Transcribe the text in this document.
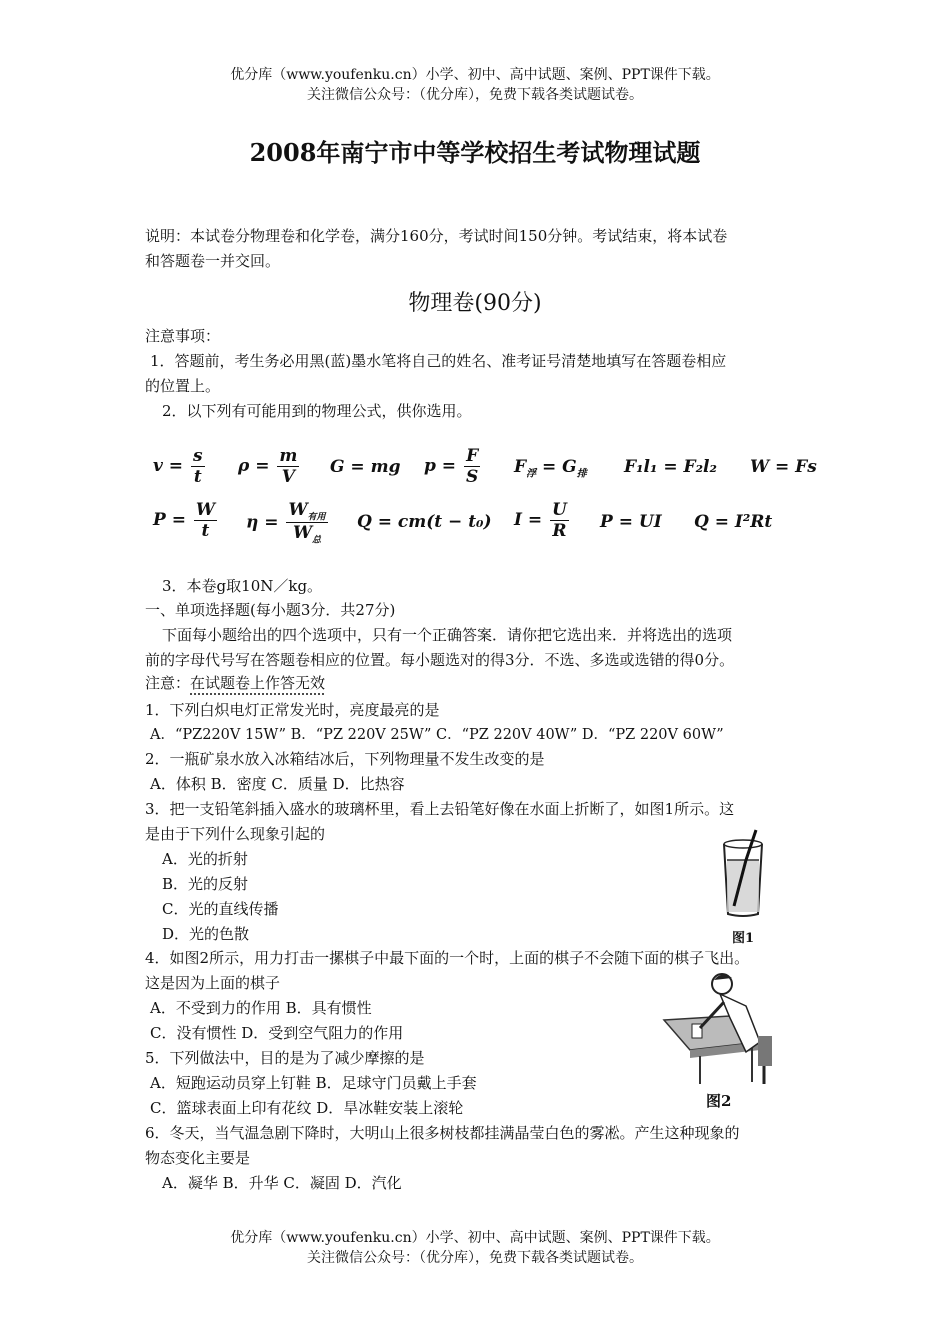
优分库（www.youfenku.cn）小学、初中、高中试题、案例、PPT课件下载。
关注微信公众号：（优分库），免费下载各类试题试卷。
2008年南宁市中等学校招生考试物理试题
说明：本试卷分物理卷和化学卷，满分160分，考试时间150分钟。考试结束，将本试卷
和答题卷一并交回。
物理卷(90分)
注意事项：
1．答题前，考生务必用黑(蓝)墨水笔将自己的姓名、准考证号清楚地填写在答题卷相应
的位置上。
2．以下列有可能用到的物理公式，供你选用。
$v = \frac{s}{t}$ $\rho = \frac{m}{V}$ G = mg $p = \frac{F}{S} F_浮 = G_排$ F₁l₁ = F₂l₂ W = Fs
$P = \frac{W}{t}$ $\eta = \frac{W_{有用}}{W_总}$ Q = cm(t − t₀) $I = \frac{U}{R}$ P = UI Q = I²Rt
3．本卷g取10N／kg。
一、单项选择题(每小题3分．共27分)
下面每小题给出的四个选项中，只有一个正确答案．请你把它选出来．并将选出的选项
前的字母代号写在答题卷相应的位置。每小题选对的得3分．不选、多选或选错的得0分。
注意：在试题卷上作答无效
1．下列白炽电灯正常发光时，亮度最亮的是
A．“PZ220V 15W” B．“PZ 220V 25W” C．“PZ 220V 40W” D．“PZ 220V 60W”
2．一瓶矿泉水放入冰箱结冰后，下列物理量不发生改变的是
A．体积 B．密度 C．质量 D．比热容
3．把一支铅笔斜插入盛水的玻璃杯里，看上去铅笔好像在水面上折断了，如图1所示。这
是由于下列什么现象引起的
A．光的折射
B．光的反射
C．光的直线传播
D．光的色散	图1
4．如图2所示，用力打击一摞棋子中最下面的一个时，上面的棋子不会随下面的棋子飞出。
这是因为上面的棋子
A．不受到力的作用 B．具有惯性
C．没有惯性 D．受到空气阻力的作用
图2
5．下列做法中，目的是为了减少摩擦的是
A．短跑运动员穿上钉鞋 B．足球守门员戴上手套
C．篮球表面上印有花纹 D．旱冰鞋安装上滚轮
6．冬天，当气温急剧下降时，大明山上很多树枝都挂满晶莹白色的雾凇。产生这种现象的
物态变化主要是
A．凝华 B．升华 C．凝固 D．汽化
优分库（www.youfenku.cn）小学、初中、高中试题、案例、PPT课件下载。
关注微信公众号：（优分库），免费下载各类试题试卷。
